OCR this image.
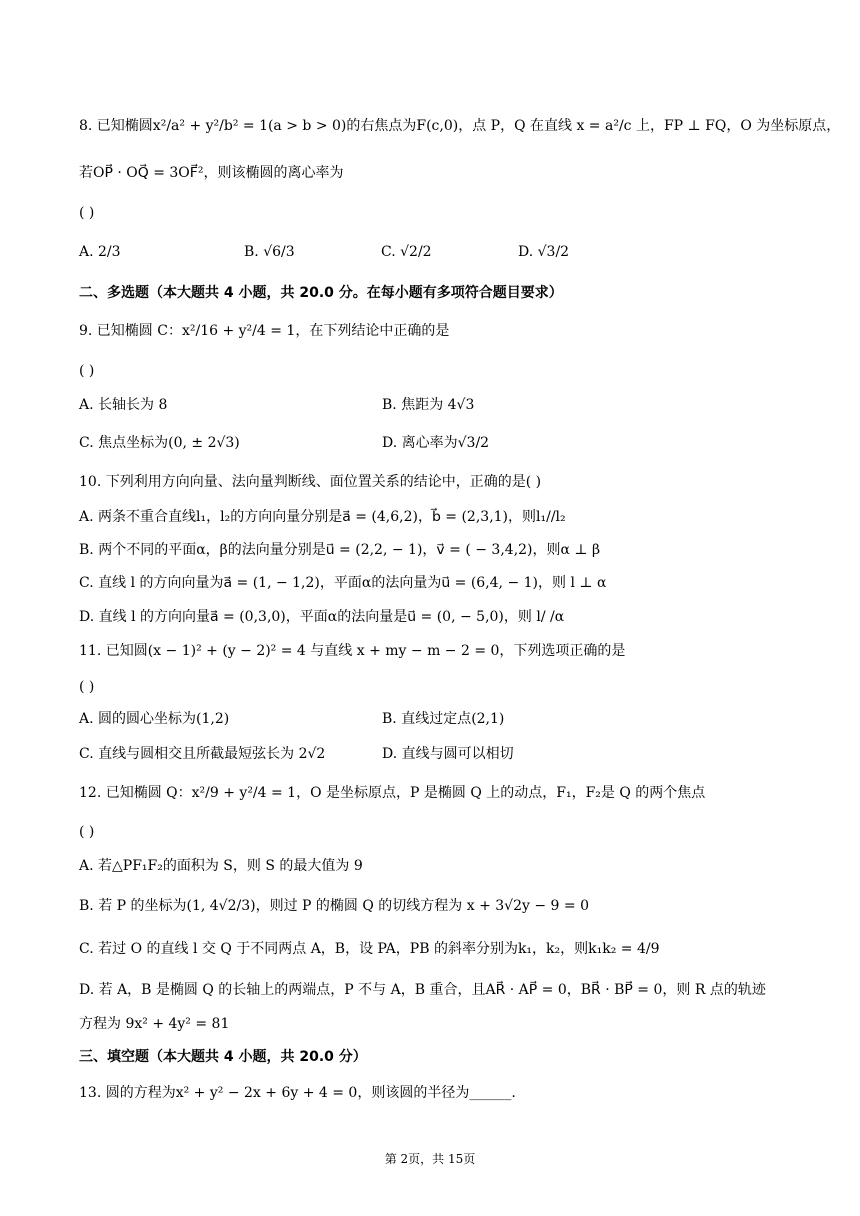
8. 已知椭圆x²/a² + y²/b² = 1(a > b > 0)的右焦点为F(c,0)，点 P，Q 在直线 x = a²/c 上，FP ⊥ FQ，O 为坐标原点，
若OP⃗ · OQ⃗ = 3OF⃗²，则该椭圆的离心率为
( )
A. 2/3	B. √6/3	C. √2/2	D. √3/2
二、多选题（本大题共 4 小题，共 20.0 分。在每小题有多项符合题目要求）
9. 已知椭圆 C：x²/16 + y²/4 = 1，在下列结论中正确的是
( )
A. 长轴长为 8	B. 焦距为 4√3
C. 焦点坐标为(0, ± 2√3)	D. 离心率为√3/2
10. 下列利用方向向量、法向量判断线、面位置关系的结论中，正确的是( )
A. 两条不重合直线l₁，l₂的方向向量分别是a⃗ = (4,6,2)，b⃗ = (2,3,1)，则l₁//l₂
B. 两个不同的平面α，β的法向量分别是u⃗ = (2,2, − 1)，v⃗ = ( − 3,4,2)，则α ⊥ β
C. 直线 l 的方向向量为a⃗ = (1, − 1,2)，平面α的法向量为u⃗ = (6,4, − 1)，则 l ⊥ α
D. 直线 l 的方向向量a⃗ = (0,3,0)，平面α的法向量是u⃗ = (0, − 5,0)，则 l/ /α
11. 已知圆(x − 1)² + (y − 2)² = 4 与直线 x + my − m − 2 = 0，下列选项正确的是
( )
A. 圆的圆心坐标为(1,2)	B. 直线过定点(2,1)
C. 直线与圆相交且所截最短弦长为 2√2	D. 直线与圆可以相切
12. 已知椭圆 Q：x²/9 + y²/4 = 1，O 是坐标原点，P 是椭圆 Q 上的动点，F₁，F₂是 Q 的两个焦点
( )
A. 若△PF₁F₂的面积为 S，则 S 的最大值为 9
B. 若 P 的坐标为(1, 4√2/3)，则过 P 的椭圆 Q 的切线方程为 x + 3√2y − 9 = 0
C. 若过 O 的直线 l 交 Q 于不同两点 A，B，设 PA，PB 的斜率分别为k₁，k₂，则k₁k₂ = 4/9
D. 若 A，B 是椭圆 Q 的长轴上的两端点，P 不与 A，B 重合，且AR⃗ · AP⃗ = 0，BR⃗ · BP⃗ = 0，则 R 点的轨迹
方程为 9x² + 4y² = 81
三、填空题（本大题共 4 小题，共 20.0 分）
13. 圆的方程为x² + y² − 2x + 6y + 4 = 0，则该圆的半径为______.
第 2页，共 15页
